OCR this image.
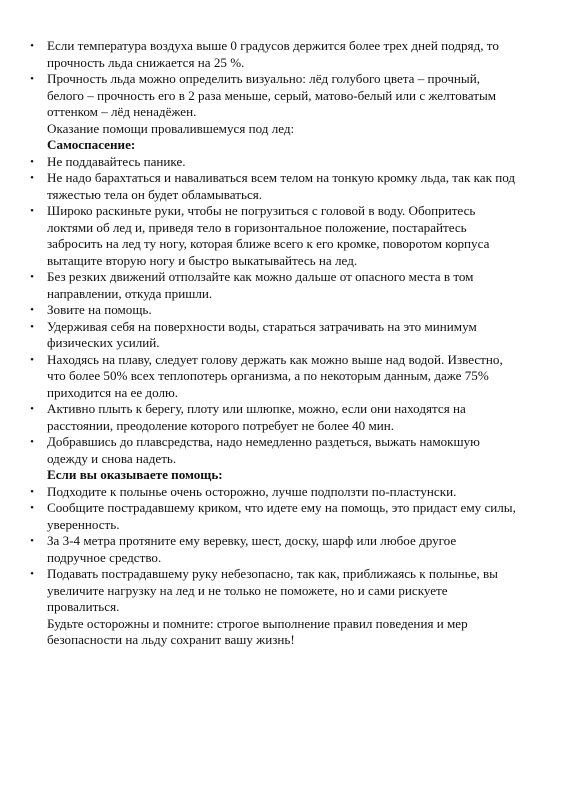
• Если температура воздуха выше 0 градусов держится более трех дней подряд, то прочность льда снижается на 25 %.
• Прочность льда можно определить визуально: лёд голубого цвета – прочный, белого – прочность его в 2 раза меньше, серый, матово-белый или с желтоватым оттенком – лёд ненадёжен.
Оказание помощи провалившемуся под лед:
Самоспасение:
• Не поддавайтесь панике.
• Не надо барахтаться и наваливаться всем телом на тонкую кромку льда, так как под тяжестью тела он будет обламываться.
• Широко раскиньте руки, чтобы не погрузиться с головой в воду. Обопритесь локтями об лед и, приведя тело в горизонтальное положение, постарайтесь забросить на лед ту ногу, которая ближе всего к его кромке, поворотом корпуса вытащите вторую ногу и быстро выкатывайтесь на лед.
• Без резких движений отползайте как можно дальше от опасного места в том направлении, откуда пришли.
• Зовите на помощь.
• Удерживая себя на поверхности воды, стараться затрачивать на это минимум физических усилий.
• Находясь на плаву, следует голову держать как можно выше над водой. Известно, что более 50% всех теплопотерь организма, а по некоторым данным, даже 75% приходится на ее долю.
• Активно плыть к берегу, плоту или шлюпке, можно, если они находятся на расстоянии, преодоление которого потребует не более 40 мин.
• Добравшись до плавсредства, надо немедленно раздеться, выжать намокшую одежду и снова надеть.
Если вы оказываете помощь:
• Подходите к полынье очень осторожно, лучше подползти по-пластунски.
• Сообщите пострадавшему криком, что идете ему на помощь, это придаст ему силы, уверенность.
• За 3-4 метра протяните ему веревку, шест, доску, шарф или любое другое подручное средство.
• Подавать пострадавшему руку небезопасно, так как, приближаясь к полынье, вы увеличите нагрузку на лед и не только не поможете, но и сами рискуете провалиться.
Будьте осторожны и помните: строгое выполнение правил поведения и мер безопасности на льду сохранит вашу жизнь!
